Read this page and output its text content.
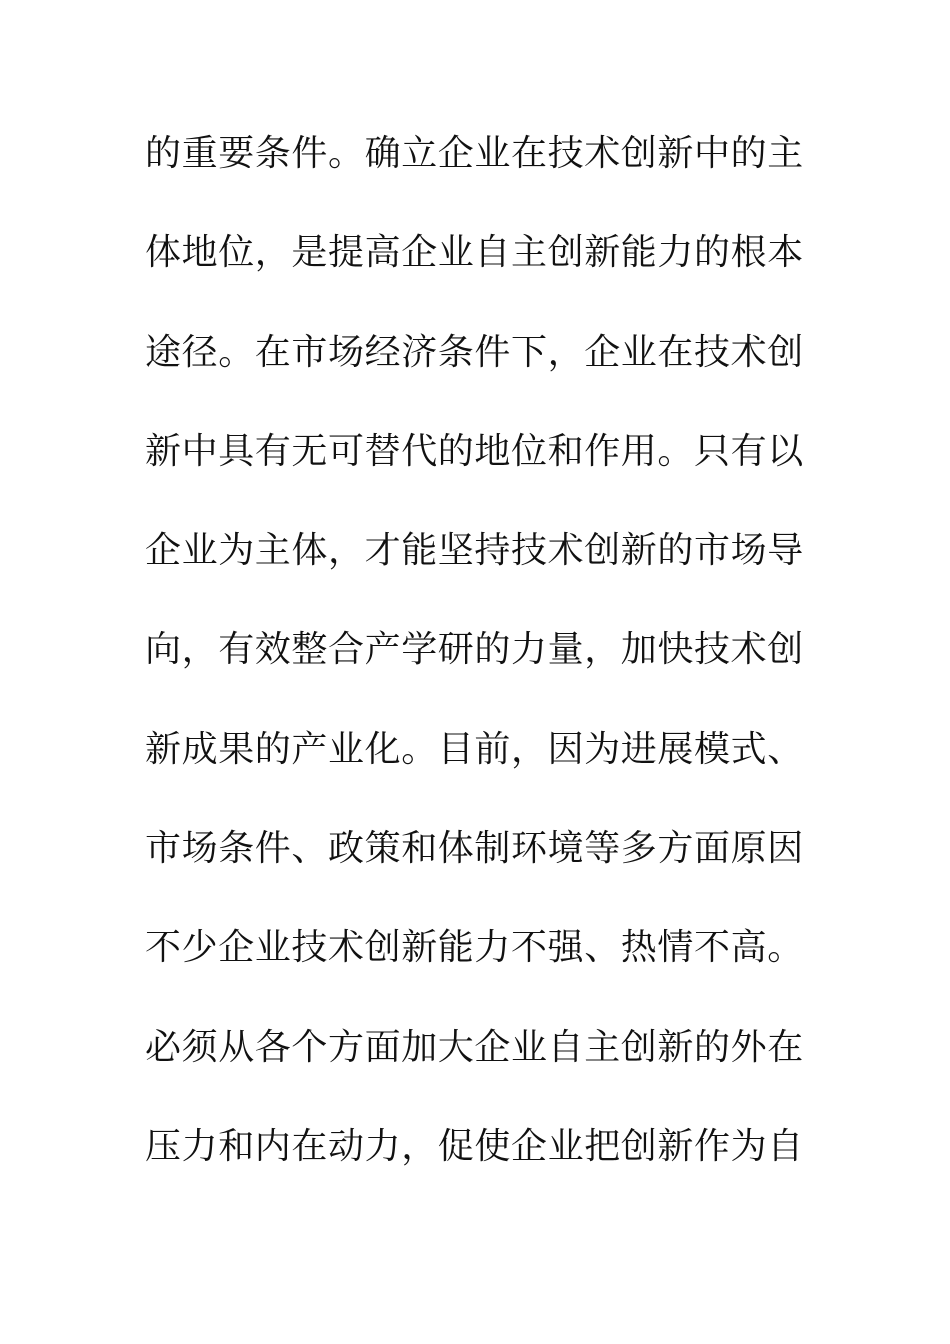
的重要条件。确立企业在技术创新中的主
体地位，是提高企业自主创新能力的根本
途径。在市场经济条件下，企业在技术创
新中具有无可替代的地位和作用。只有以
企业为主体，才能坚持技术创新的市场导
向，有效整合产学研的力量，加快技术创
新成果的产业化。目前，因为进展模式、
市场条件、政策和体制环境等多方面原因
不少企业技术创新能力不强、热情不高。
必须从各个方面加大企业自主创新的外在
压力和内在动力，促使企业把创新作为自
